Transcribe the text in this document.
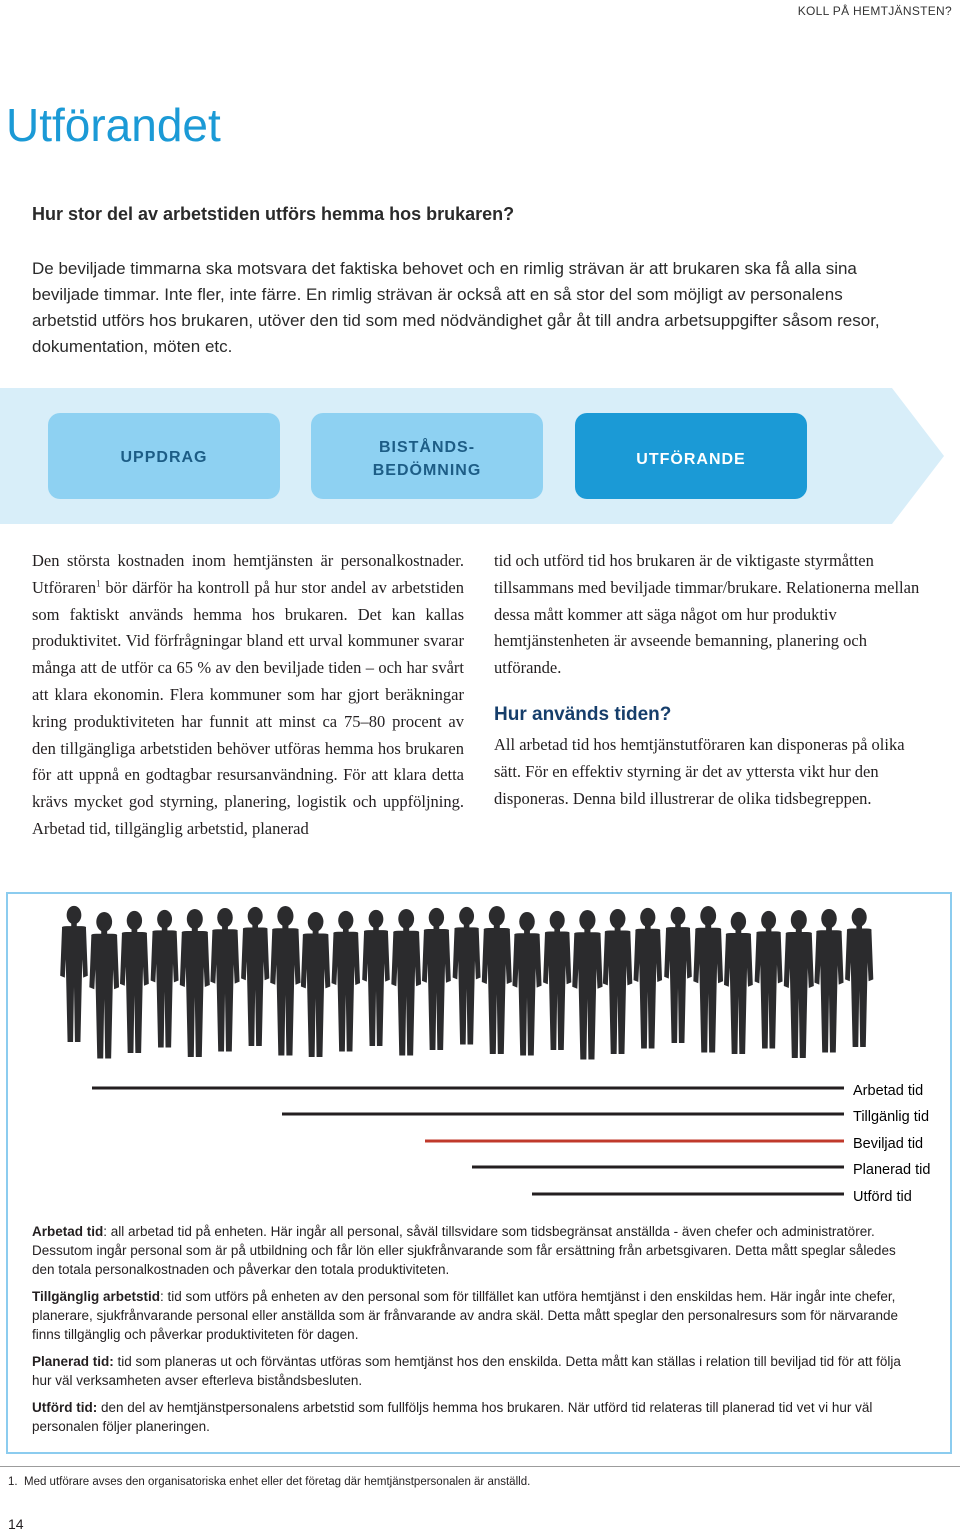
KOLL PÅ HEMTJÄNSTEN?
Utförandet
Hur stor del av arbetstiden utförs hemma hos brukaren?

De beviljade timmarna ska motsvara det faktiska behovet och en rimlig strävan är att brukaren ska få alla sina beviljade timmar. Inte fler, inte färre. En rimlig strävan är också att en så stor del som möjligt av personalens arbetstid utförs hos brukaren, utöver den tid som med nödvändighet går åt till andra arbetsuppgifter såsom resor, dokumentation, möten etc.

UPPDRAG
BISTÅNDS-
BEDÖMNING
UTFÖRANDE

Den största kostnaden inom hemtjänsten är personalkostnader. Utföraren$^1$ bör därför ha kontroll på hur stor andel av arbetstiden som faktiskt används hemma hos brukaren. Det kan kallas produktivitet. Vid förfrågningar bland ett urval kommuner svarar många att de utför ca 65 % av den beviljade tiden – och har svårt att klara ekonomin. Flera kommuner som har gjort beräkningar kring produktiviteten har funnit att minst ca 75–80 procent av den tillgängliga arbetstiden behöver utföras hemma hos brukaren för att uppnå en godtagbar resursanvändning. För att klara detta krävs mycket god styrning, planering, logistik och uppföljning. Arbetad tid, tillgänglig arbetstid, planerad

tid och utförd tid hos brukaren är de viktigaste styrmåtten tillsammans med beviljade timmar/brukare. Relationerna mellan dessa mått kommer att säga något om hur produktiv hemtjänstenheten är avseende bemanning, planering och utförande.

Hur används tiden?

All arbetad tid hos hemtjänstutföraren kan disponeras på olika sätt. För en effektiv styrning är det av yttersta vikt hur den disponeras. Denna bild illustrerar de olika tidsbegreppen.

Arbetad tid
Tillgänlig tid
Beviljad tid
Planerad tid
Utförd tid

Arbetad tid: all arbetad tid på enheten. Här ingår all personal, såväl tillsvidare som tidsbegränsat anställda - även chefer och administratörer. Dessutom ingår personal som är på utbildning och får lön eller sjukfrånvarande som får ersättning från arbetsgivaren. Detta mått speglar således den totala personalkostnaden och påverkar den totala produktiviteten.

Tillgänglig arbetstid: tid som utförs på enheten av den personal som för tillfället kan utföra hemtjänst i den enskildas hem. Här ingår inte chefer, planerare, sjukfrånvarande personal eller anställda som är frånvarande av andra skäl. Detta mått speglar den personalresurs som för närvarande finns tillgänglig och påverkar produktiviteten för dagen.

Planerad tid: tid som planeras ut och förväntas utföras som hemtjänst hos den enskilda. Detta mått kan ställas i relation till beviljad tid för att följa hur väl verksamheten avser efterleva biståndsbesluten.

Utförd tid: den del av hemtjänstpersonalens arbetstid som fullföljs hemma hos brukaren. När utförd tid relateras till planerad tid vet vi hur väl personalen följer planeringen.

1. Med utförare avses den organisatoriska enhet eller det företag där hemtjänstpersonalen är anställd.
14
